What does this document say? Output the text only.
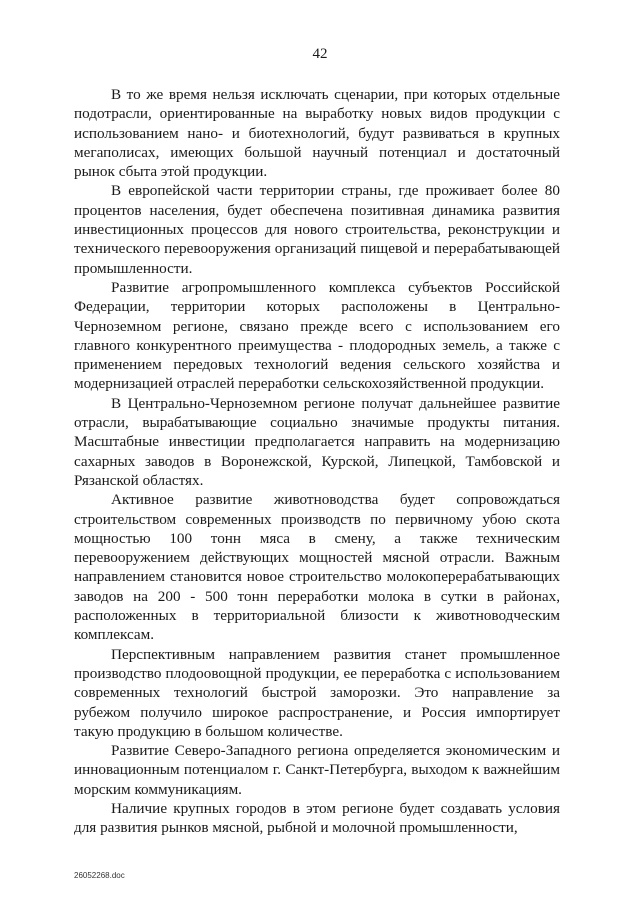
42

В то же время нельзя исключать сценарии, при которых отдельные подотрасли, ориентированные на выработку новых видов продукции с использованием нано- и биотехнологий, будут развиваться в крупных мегаполисах, имеющих большой научный потенциал и достаточный рынок сбыта этой продукции.

В европейской части территории страны, где проживает более 80 процентов населения, будет обеспечена позитивная динамика развития инвестиционных процессов для нового строительства, реконструкции и технического перевооружения организаций пищевой и перерабатывающей промышленности.

Развитие агропромышленного комплекса субъектов Российской Федерации, территории которых расположены в Центрально-Черноземном регионе, связано прежде всего с использованием его главного конкурентного преимущества - плодородных земель, а также с применением передовых технологий ведения сельского хозяйства и модернизацией отраслей переработки сельскохозяйственной продукции.

В Центрально-Черноземном регионе получат дальнейшее развитие отрасли, вырабатывающие социально значимые продукты питания. Масштабные инвестиции предполагается направить на модернизацию сахарных заводов в Воронежской, Курской, Липецкой, Тамбовской и Рязанской областях.

Активное развитие животноводства будет сопровождаться строительством современных производств по первичному убою скота мощностью 100 тонн мяса в смену, а также техническим перевооружением действующих мощностей мясной отрасли. Важным направлением становится новое строительство молокоперерабатывающих заводов на 200 - 500 тонн переработки молока в сутки в районах, расположенных в территориальной близости к животноводческим комплексам.

Перспективным направлением развития станет промышленное производство плодоовощной продукции, ее переработка с использованием современных технологий быстрой заморозки. Это направление за рубежом получило широкое распространение, и Россия импортирует такую продукцию в большом количестве.

Развитие Северо-Западного региона определяется экономическим и инновационным потенциалом г. Санкт-Петербурга, выходом к важнейшим морским коммуникациям.

Наличие крупных городов в этом регионе будет создавать условия для развития рынков мясной, рыбной и молочной промышленности,

26052268.doc
